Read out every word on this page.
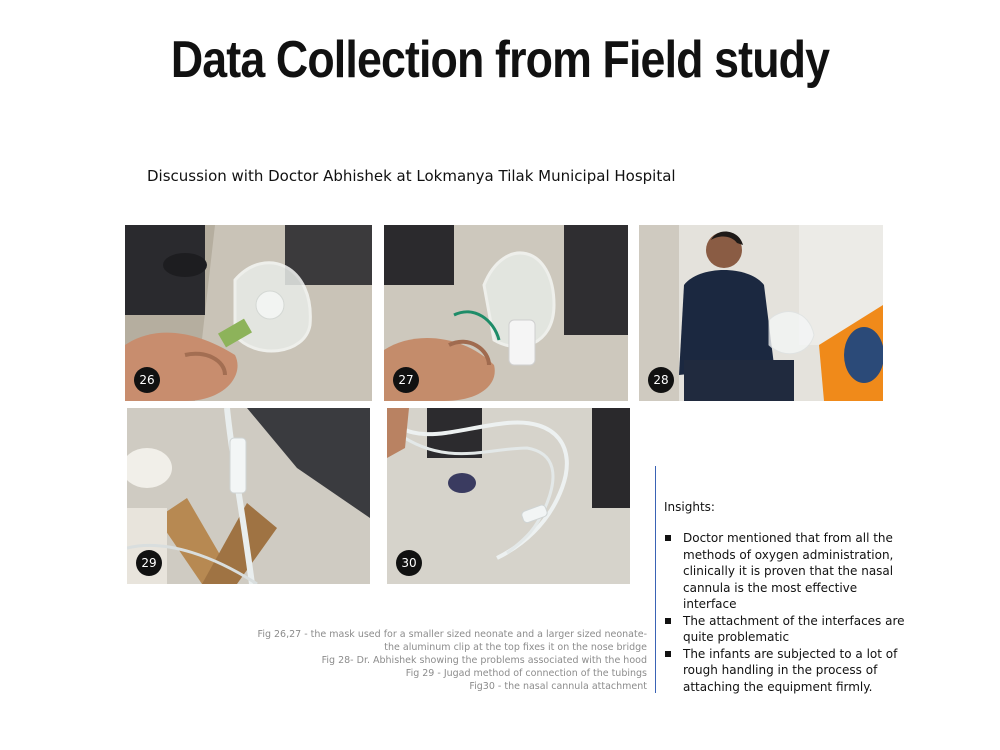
Data Collection from Field study
Discussion with Doctor Abhishek at Lokmanya Tilak Municipal Hospital
26	27	28
29	30
Fig 26,27 - the mask used for a smaller sized neonate and a larger sized neonate-
the aluminum clip at the top fixes it on the nose bridge
Fig 28- Dr. Abhishek showing the problems associated with the hood
Fig 29 - Jugad method of connection of the tubings
Fig30 - the nasal cannula attachment
Insights:
Doctor mentioned that from all the methods of oxygen administration, clinically it is proven that the nasal cannula is the most effective interface
The attachment of the interfaces are quite problematic
The infants are subjected to a lot of rough handling in the process of attaching the equipment firmly.
